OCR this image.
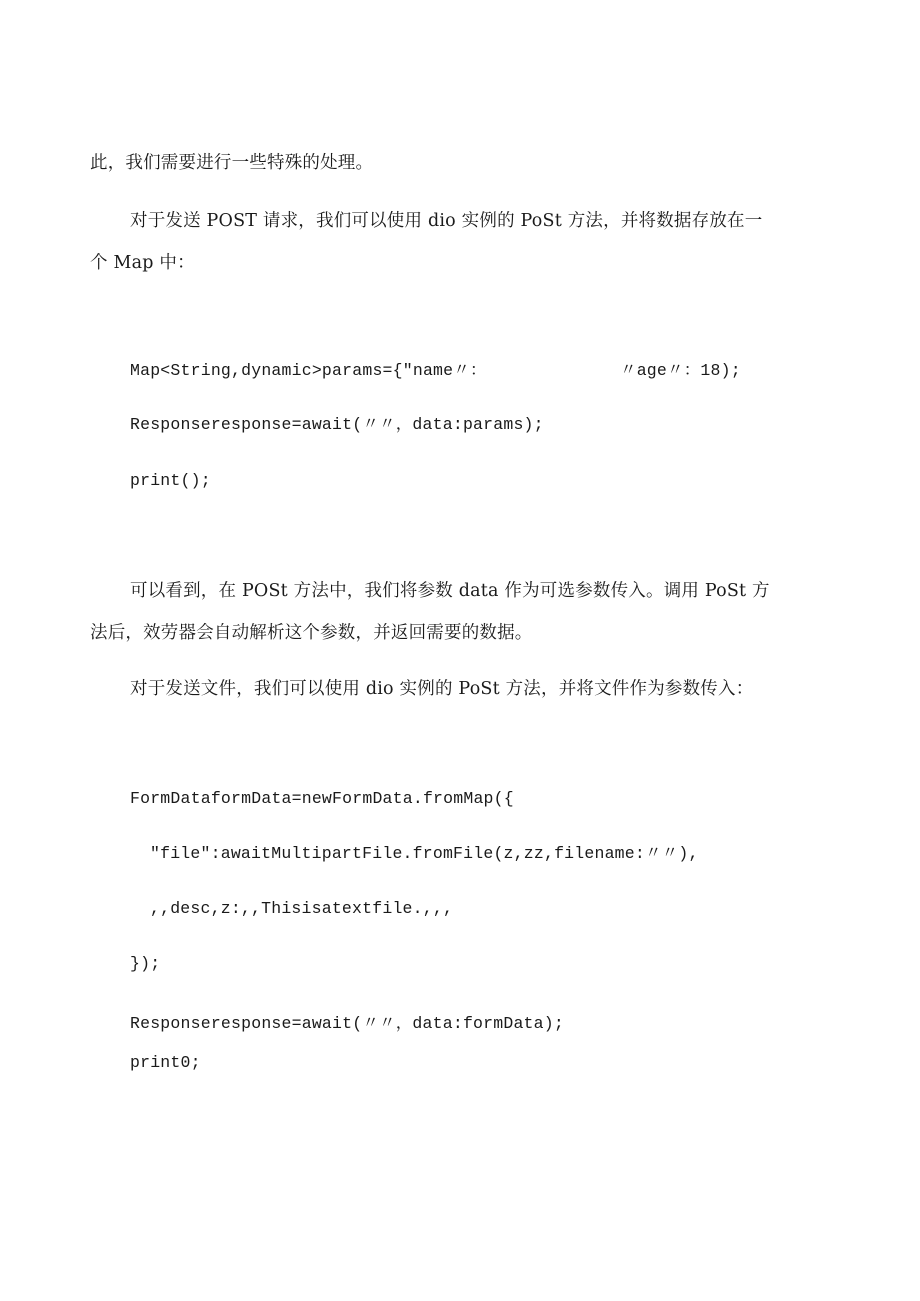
此，我们需要进行一些特殊的处理。
对于发送 POST 请求，我们可以使用 dio 实例的 PoSt 方法，并将数据存放在一
个 Map 中：
Map<String,dynamic>params={"name〃：	〃age〃：18);
Responseresponse=await(〃〃，data:params);
print();
可以看到，在 POSt 方法中，我们将参数 data 作为可选参数传入。调用 PoSt 方
法后，效劳器会自动解析这个参数，并返回需要的数据。
对于发送文件，我们可以使用 dio 实例的 PoSt 方法，并将文件作为参数传入：
FormDataformData=newFormData.fromMap({
"file":awaitMultipartFile.fromFile(z,zz,filename:〃〃),
,,desc,z:,,Thisisatextfile.,,,
});
Responseresponse=await(〃〃，data:formData);
print0;
